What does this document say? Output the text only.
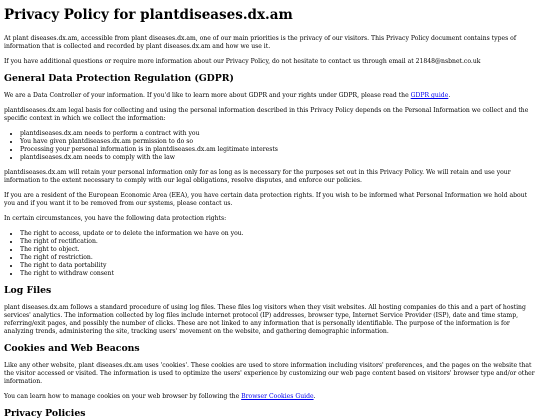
Privacy Policy for plantdiseases.dx.am

At plant diseases.dx.am, accessible from plant diseases.dx.am, one of our main priorities is the privacy of our visitors. This Privacy Policy document contains types of information that is collected and recorded by plant diseases.dx.am and how we use it.

If you have additional questions or require more information about our Privacy Policy, do not hesitate to contact us through email at 21848@nsbnet.co.uk

General Data Protection Regulation (GDPR)

We are a Data Controller of your information. If you'd like to learn more about GDPR and your rights under GDPR, please read the GDPR guide.

plantdiseases.dx.am legal basis for collecting and using the personal information described in this Privacy Policy depends on the Personal Information we collect and the specific context in which we collect the information:

• plantdiseases.dx.am needs to perform a contract with you
• You have given plantdiseases.dx.am permission to do so
• Processing your personal information is in plantdiseases.dx.am legitimate interests
• plantdiseases.dx.am needs to comply with the law

plantdiseases.dx.am will retain your personal information only for as long as is necessary for the purposes set out in this Privacy Policy. We will retain and use your information to the extent necessary to comply with our legal obligations, resolve disputes, and enforce our policies.

If you are a resident of the European Economic Area (EEA), you have certain data protection rights. If you wish to be informed what Personal Information we hold about you and if you want it to be removed from our systems, please contact us.

In certain circumstances, you have the following data protection rights:

• The right to access, update or to delete the information we have on you.
• The right of rectification.
• The right to object.
• The right of restriction.
• The right to data portability
• The right to withdraw consent
Log Files

plant diseases.dx.am follows a standard procedure of using log files. These files log visitors when they visit websites. All hosting companies do this and a part of hosting services' analytics. The information collected by log files include internet protocol (IP) addresses, browser type, Internet Service Provider (ISP), date and time stamp, referring/exit pages, and possibly the number of clicks. These are not linked to any information that is personally identifiable. The purpose of the information is for analyzing trends, administering the site, tracking users' movement on the website, and gathering demographic information.

Cookies and Web Beacons

Like any other website, plant diseases.dx.am uses 'cookies'. These cookies are used to store information including visitors' preferences, and the pages on the website that the visitor accessed or visited. The information is used to optimize the users' experience by customizing our web page content based on visitors' browser type and/or other information.

You can learn how to manage cookies on your web browser by following the Browser Cookies Guide.

Privacy Policies
